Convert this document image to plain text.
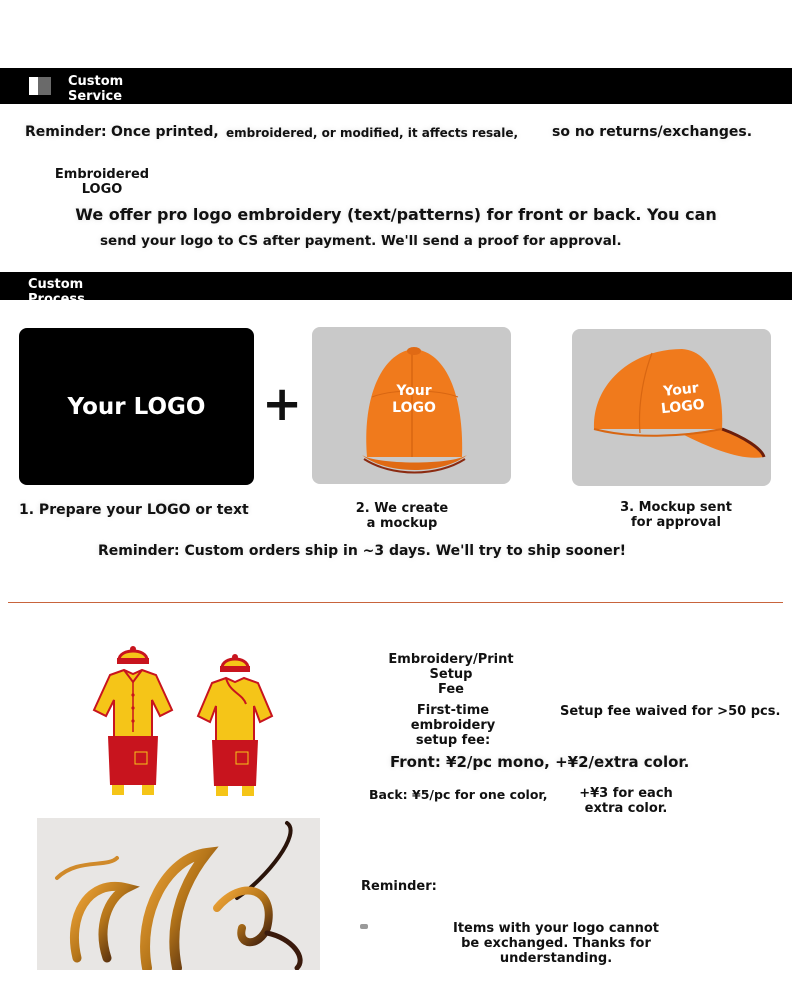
Custom
Service
Reminder: Once printed, embroidered, or modified, it affects resale, so no returns/exchanges.
Embroidered
LOGO
We offer pro logo embroidery (text/patterns) for front or back. You can
send your logo to CS after payment. We'll send a proof for approval.
Custom
Process
Your LOGO +	Your
LOGO
Your
LOGO
1. Prepare your LOGO or text	2. We create
a mockup
3. Mockup sent
for approval
Reminder: Custom orders ship in ~3 days. We'll try to ship sooner!
Embroidery/Print Setup
Fee
First-time embroidery
setup fee:
Setup fee waived for >50 pcs.
Front: ¥2/pc mono, +¥2/extra color.
Back: ¥5/pc for one color,	+¥3 for each
extra color.
Reminder:
Items with your logo cannot
be exchanged. Thanks for understanding.
